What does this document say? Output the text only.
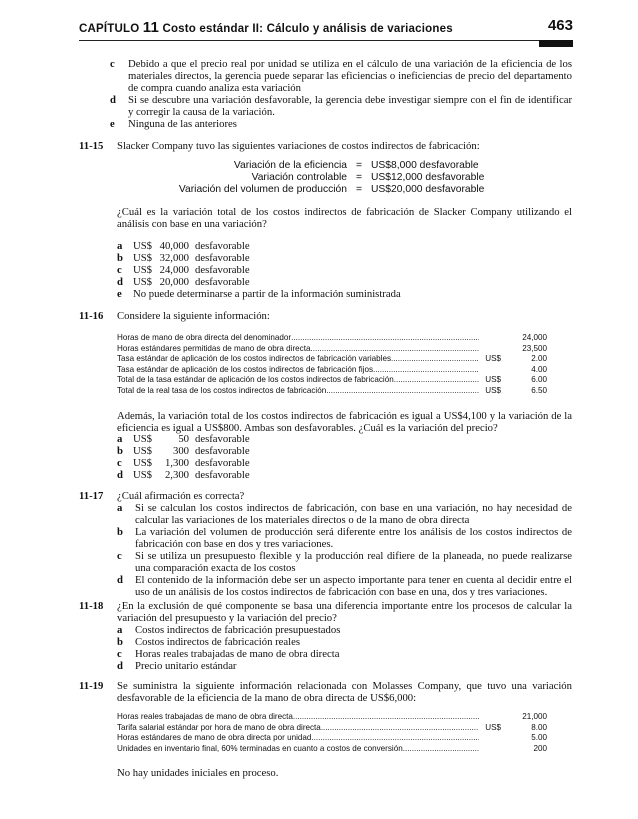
CAPÍTULO 11 Costo estándar II: Cálculo y análisis de variaciones	463
c	Debido a que el precio real por unidad se utiliza en el cálculo de una variación de la eficiencia de los materiales directos, la gerencia puede separar las eficiencias o ineficiencias de precio del departamento de compra cuando analiza esta variación
d	Si se descubre una variación desfavorable, la gerencia debe investigar siempre con el fin de identificar y corregir la causa de la variación.
e	Ninguna de las anteriores
11-15 Slacker Company tuvo las siguientes variaciones de costos indirectos de fabricación:
Variación de la eficiencia = US$8,000 desfavorable
Variación controlable = US$12,000 desfavorable
Variación del volumen de producción = US$20,000 desfavorable
¿Cuál es la variación total de los costos indirectos de fabricación de Slacker Company utilizando el análisis con base en una variación?
a US$ 40,000 desfavorable
b US$ 32,000 desfavorable
c	US$ 24,000 desfavorable
d US$ 20,000 desfavorable
e	No puede determinarse a partir de la información suministrada
11-16 Considere la siguiente información:
Horas de mano de obra directa del denominador .....	24,000
Horas estándares permitidas de mano de obra directa .....	23,500
Tasa estándar de aplicación de los costos indirectos de fabricación variables .....	US$	2.00
Tasa estándar de aplicación de los costos indirectos de fabricación fijos .....	4.00
Total de la tasa estándar de aplicación de los costos indirectos de fabricación .....	US$	6.00
Total de la real tasa de los costos indirectos de fabricación .....	US$	6.50
Además, la variación total de los costos indirectos de fabricación es igual a US$4,100 y la variación de la eficiencia es igual a US$800. Ambas son desfavorables. ¿Cuál es la variación del precio?
a US$	50 desfavorable
b US$	300 desfavorable
c	US$	1,300 desfavorable
d US$	2,300 desfavorable
11-17 ¿Cuál afirmación es correcta?
a	Si se calculan los costos indirectos de fabricación, con base en una variación, no hay necesidad de calcular las variaciones de los materiales directos o de la mano de obra directa
b	La variación del volumen de producción será diferente entre los análisis de los costos indirectos de fabricación con base en dos y tres variaciones.
c	Si se utiliza un presupuesto flexible y la producción real difiere de la planeada, no puede realizarse una comparación exacta de los costos
d	El contenido de la información debe ser un aspecto importante para tener en cuenta al decidir entre el uso de un análisis de los costos indirectos de fabricación con base en una, dos y tres variaciones.
11-18 ¿En la exclusión de qué componente se basa una diferencia importante entre los procesos de calcular la variación del presupuesto y la variación del precio?
a	Costos indirectos de fabricación presupuestados
b	Costos indirectos de fabricación reales
c	Horas reales trabajadas de mano de obra directa
d	Precio unitario estándar
11-19 Se suministra la siguiente información relacionada con Molasses Company, que tuvo una variación desfavorable de la eficiencia de la mano de obra directa de US$6,000:
Horas reales trabajadas de mano de obra directa .....	21,000
Tarifa salarial estándar por hora de mano de obra directa .....	US$	8.00
Horas estándares de mano de obra directa por unidad .....	5.00
Unidades en inventario final, 60% terminadas en cuanto a costos de conversión .....	200
No hay unidades iniciales en proceso.
